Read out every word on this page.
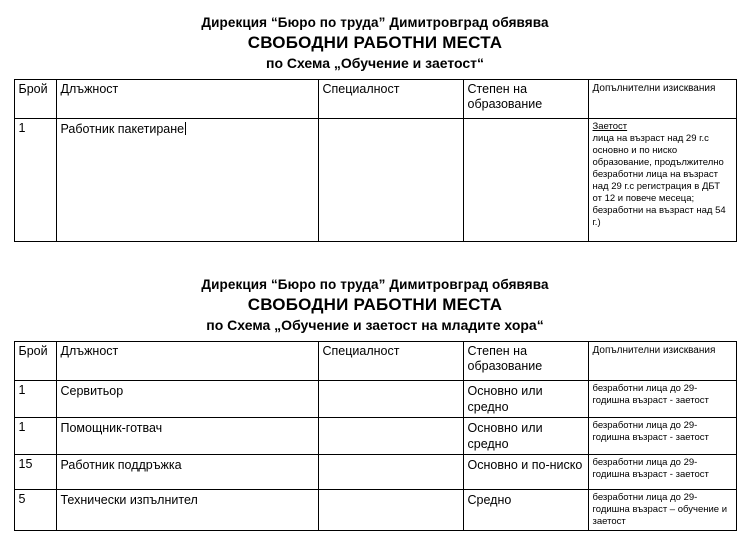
Дирекция “Бюро по труда” Димитровград обявява
СВОБОДНИ РАБОТНИ МЕСТА
по Схема „Обучение и заетост“
Брой	Длъжност	Специалност	Степен на образование	Допълнителни изисквания
1	Работник пакетиране			Заетост
лица на възраст над 29 г.с основно и по ниско образование, продължително безработни лица на възраст над 29 г.с регистрация в ДБТ от 12 и повече месеца; безработни на възраст над 54 г.)
Дирекция “Бюро по труда” Димитровград обявява
СВОБОДНИ РАБОТНИ МЕСТА
по Схема „Обучение и заетост на младите хора“
Брой	Длъжност	Специалност	Степен на образование	Допълнителни изисквания
1	Сервитьор		Основно или средно	безработни лица до 29-годишна възраст - заетост
1	Помощник-готвач		Основно или средно	безработни лица до 29-годишна възраст - заетост
15	Работник поддръжка		Основно и по-ниско	безработни лица до 29-годишна възраст - заетост
5	Технически изпълнител		Средно	безработни лица до 29-годишна възраст – обучение и заетост
